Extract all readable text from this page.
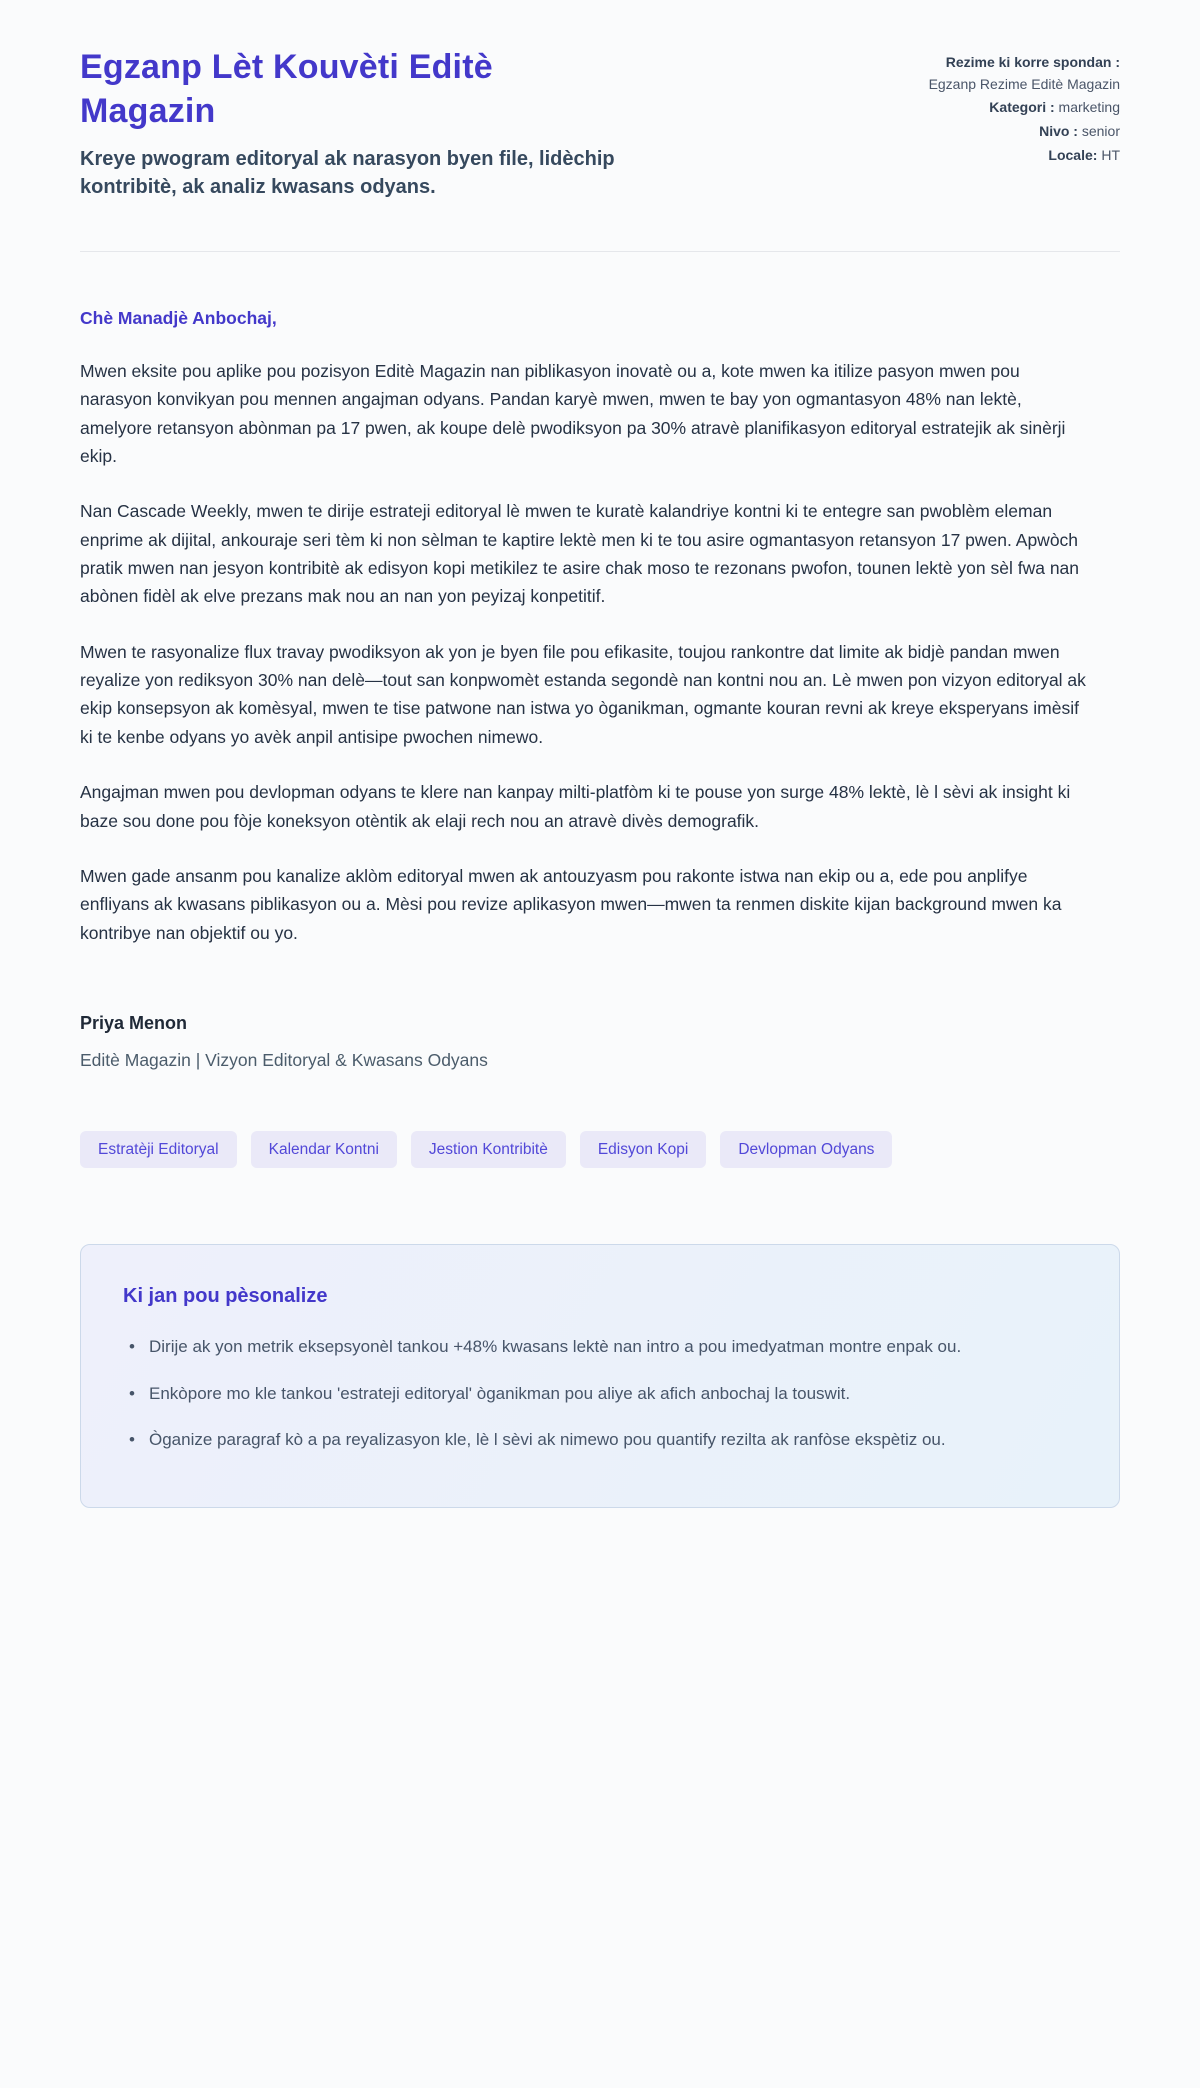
Egzanp Lèt Kouvèti Editè Magazin
Kreye pwogram editoryal ak narasyon byen file, lidèchip kontribitè, ak analiz kwasans odyans.
Rezime ki korre spondan :
Egzanp Rezime Editè Magazin
Kategori : marketing
Nivo : senior
Locale: HT
Chè Manadjè Anbochaj,

Mwen eksite pou aplike pou pozisyon Editè Magazin nan piblikasyon inovatè ou a, kote mwen ka itilize pasyon mwen pou narasyon konvikyan pou mennen angajman odyans. Pandan karyè mwen, mwen te bay yon ogmantasyon 48% nan lektè, amelyore retansyon abònman pa 17 pwen, ak koupe delè pwodiksyon pa 30% atravè planifikasyon editoryal estratejik ak sinèrji ekip.

Nan Cascade Weekly, mwen te dirije estrateji editoryal lè mwen te kuratè kalandriye kontni ki te entegre san pwoblèm eleman enprime ak dijital, ankouraje seri tèm ki non sèlman te kaptire lektè men ki te tou asire ogmantasyon retansyon 17 pwen. Apwòch pratik mwen nan jesyon kontribitè ak edisyon kopi metikilez te asire chak moso te rezonans pwofon, tounen lektè yon sèl fwa nan abònen fidèl ak elve prezans mak nou an nan yon peyizaj konpetitif.

Mwen te rasyonalize flux travay pwodiksyon ak yon je byen file pou efikasite, toujou rankontre dat limite ak bidjè pandan mwen reyalize yon rediksyon 30% nan delè—tout san konpwomèt estanda segondè nan kontni nou an. Lè mwen pon vizyon editoryal ak ekip konsepsyon ak komèsyal, mwen te tise patwone nan istwa yo òganikman, ogmante kouran revni ak kreye eksperyans imèsif ki te kenbe odyans yo avèk anpil antisipe pwochen nimewo.

Angajman mwen pou devlopman odyans te klere nan kanpay milti-platfòm ki te pouse yon surge 48% lektè, lè l sèvi ak insight ki baze sou done pou fòje koneksyon otèntik ak elaji rech nou an atravè divès demografik.

Mwen gade ansanm pou kanalize aklòm editoryal mwen ak antouzyasm pou rakonte istwa nan ekip ou a, ede pou anplifye enfliyans ak kwasans piblikasyon ou a. Mèsi pou revize aplikasyon mwen—mwen ta renmen diskite kijan background mwen ka kontribye nan objektif ou yo.

Priya Menon
Editè Magazin | Vizyon Editoryal & Kwasans Odyans
Estratèji Editoryal	Kalendar Kontni	Jestion Kontribitè	Edisyon Kopi	Devlopman Odyans
Ki jan pou pèsonalize
• Dirije ak yon metrik eksepsyonèl tankou +48% kwasans lektè nan intro a pou imedyatman montre enpak ou.
• Enkòpore mo kle tankou 'estrateji editoryal' òganikman pou aliye ak afich anbochaj la touswit.
• Òganize paragraf kò a pa reyalizasyon kle, lè l sèvi ak nimewo pou quantify rezilta ak ranfòse ekspètiz ou.
